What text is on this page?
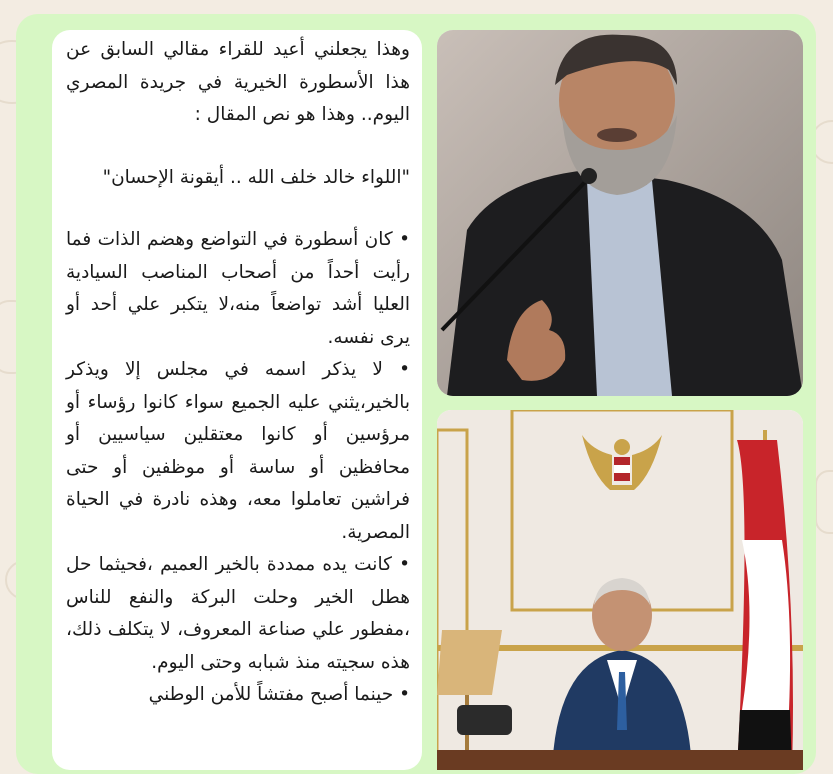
وهذا يجعلني أعيد للقراء مقالي السابق عن هذا الأسطورة الخيرية في جريدة المصري اليوم.. وهذا هو نص المقال :

"اللواء خالد خلف الله .. أيقونة الإحسان"

• كان أسطورة في التواضع وهضم الذات فما رأيت أحداً من أصحاب المناصب السيادية العليا أشد تواضعاً منه،لا يتكبر علي أحد أو يرى نفسه.

• لا يذكر اسمه في مجلس إلا ويذكر بالخير،يثني عليه الجميع سواء كانوا رؤساء أو مرؤسين أو كانوا معتقلين سياسيين أو محافظين أو ساسة أو موظفين أو حتى فراشين تعاملوا معه، وهذه نادرة في الحياة المصرية.

• كانت يده ممددة بالخير العميم ،فحيثما حل هطل الخير وحلت البركة والنفع للناس ،مفطور علي صناعة المعروف، لا يتكلف ذلك، هذه سجيته منذ شبابه وحتى اليوم.

• حينما أصبح مفتشاً للأمن الوطني
